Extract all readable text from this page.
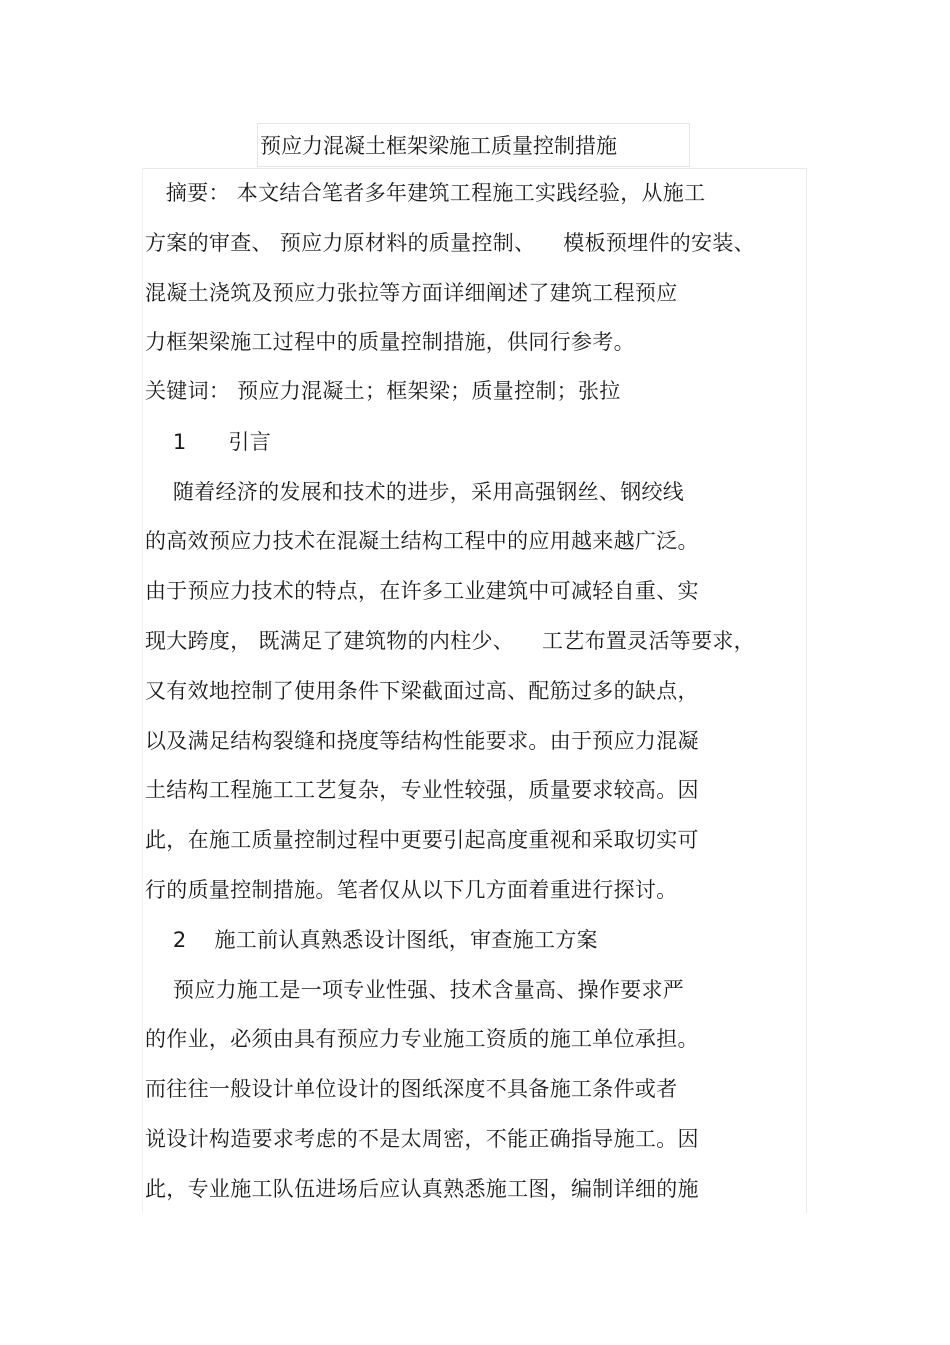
预应力混凝土框架梁施工质量控制措施
摘要： 本文结合笔者多年建筑工程施工实践经验，从施工
方案的审查、 预应力原材料的质量控制、    模板预埋件的安装、
混凝土浇筑及预应力张拉等方面详细阐述了建筑工程预应
力框架梁施工过程中的质量控制措施，供同行参考。
关键词： 预应力混凝土；框架梁；质量控制；张拉
1      引言
随着经济的发展和技术的进步，采用高强钢丝、钢绞线
的高效预应力技术在混凝土结构工程中的应用越来越广泛。
由于预应力技术的特点，在许多工业建筑中可减轻自重、实
现大跨度， 既满足了建筑物的内柱少、    工艺布置灵活等要求，
又有效地控制了使用条件下梁截面过高、配筋过多的缺点，
以及满足结构裂缝和挠度等结构性能要求。由于预应力混凝
土结构工程施工工艺复杂，专业性较强，质量要求较高。因
此，在施工质量控制过程中更要引起高度重视和采取切实可
行的质量控制措施。笔者仅从以下几方面着重进行探讨。
2    施工前认真熟悉设计图纸，审查施工方案
预应力施工是一项专业性强、技术含量高、操作要求严
的作业，必须由具有预应力专业施工资质的施工单位承担。
而往往一般设计单位设计的图纸深度不具备施工条件或者
说设计构造要求考虑的不是太周密，不能正确指导施工。因
此，专业施工队伍进场后应认真熟悉施工图，编制详细的施
